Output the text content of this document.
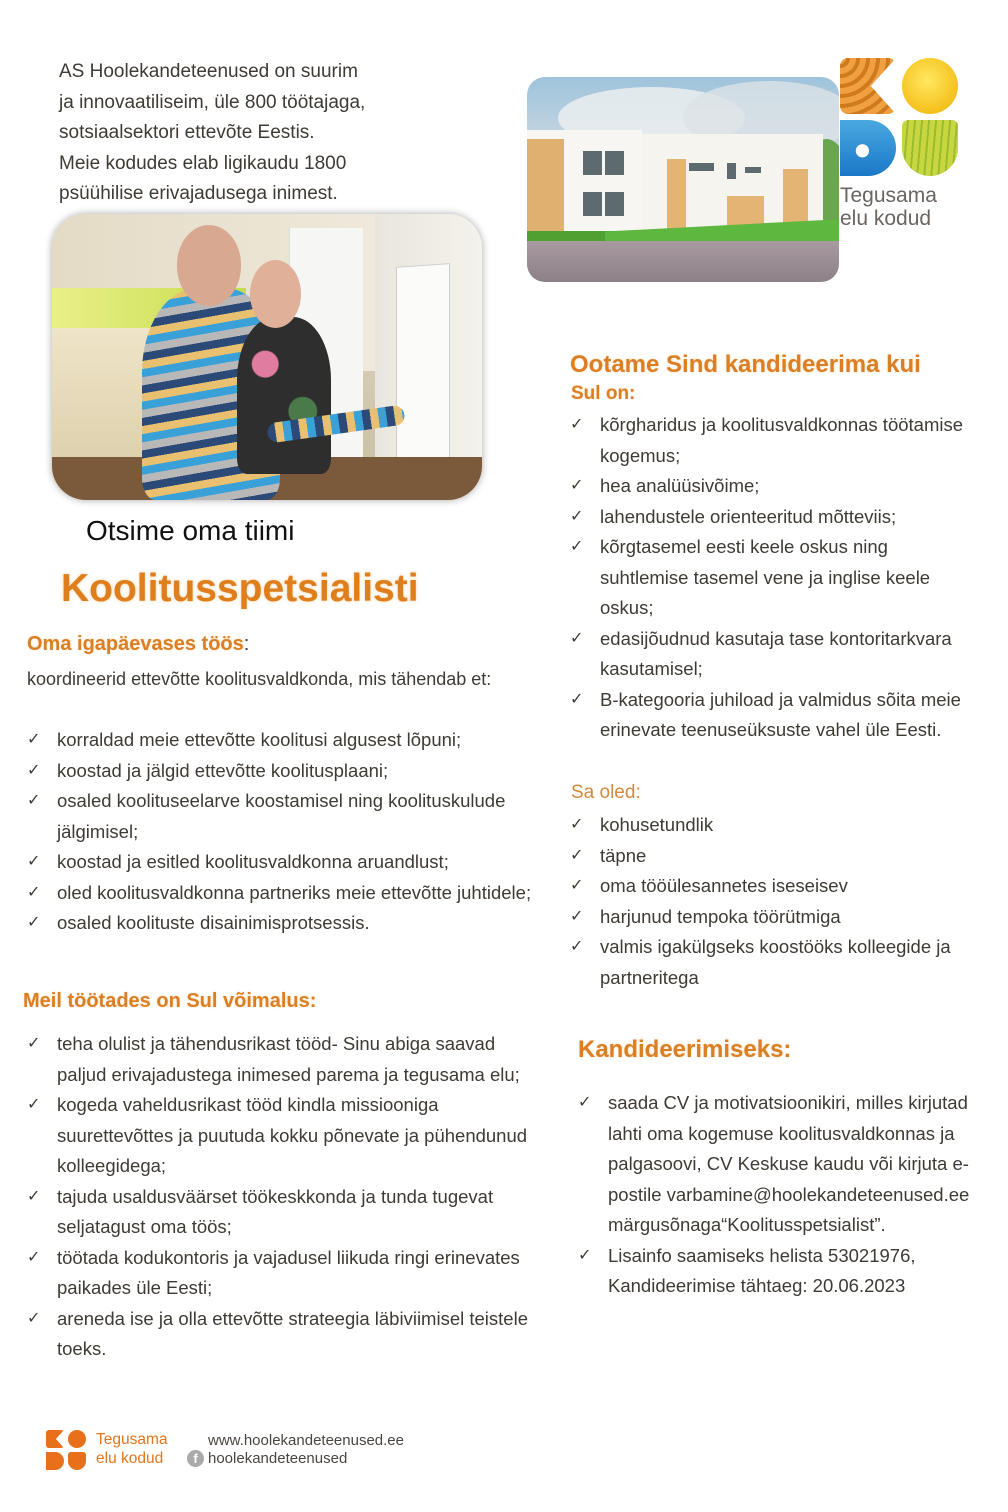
AS Hoolekandeteenused on suurim
ja innovaatiliseim, üle 800 töötajaga,
sotsiaalsektori ettevõte Eestis.
Meie kodudes elab ligikaudu 1800
psüühilise erivajadusega inimest.	Tegusama
elu kodud
Otsime oma tiimi
Koolitusspetsialisti
Oma igapäevases töös:
koordineerid ettevõtte koolitusvaldkonda, mis tähendab et:
✓ korraldad meie ettevõtte koolitusi algusest lõpuni;
✓ koostad ja jälgid ettevõtte koolitusplaani;
✓ osaled koolituseelarve koostamisel ning koolituskulude jälgimisel;
✓ koostad ja esitled koolitusvaldkonna aruandlust;
✓ oled koolitusvaldkonna partneriks meie ettevõtte juhtidele;
✓ osaled koolituste disainimisprotsessis.
Meil töötades on Sul võimalus:
✓ teha olulist ja tähendusrikast tööd- Sinu abiga saavad paljud erivajadustega inimesed parema ja tegusama elu;
✓ kogeda vaheldusrikast tööd kindla missiooniga suurettevõttes ja puutuda kokku põnevate ja pühendunud kolleegidega;
✓ tajuda usaldusväärset töökeskkonda ja tunda tugevat seljatagust oma töös;
✓ töötada kodukontoris ja vajadusel liikuda ringi erinevates paikades üle Eesti;
✓ areneda ise ja olla ettevõtte strateegia läbiviimisel teistele toeks.
Ootame Sind kandideerima kui
Sul on:
✓ kõrgharidus ja koolitusvaldkonnas töötamise kogemus;
✓ hea analüüsivõime;
✓ lahendustele orienteeritud mõtteviis;
✓ kõrgtasemel eesti keele oskus ning suhtlemise tasemel vene ja inglise keele oskus;
✓ edasijõudnud kasutaja tase kontoritarkvara kasutamisel;
✓ B-kategooria juhiload ja valmidus sõita meie erinevate teenuseüksuste vahel üle Eesti.
Sa oled:
✓ kohusetundlik
✓ täpne
✓ oma tööülesannetes iseseisev
✓ harjunud tempoka töörütmiga
✓ valmis igakülgseks koostööks kolleegide ja partneritega
Kandideerimiseks:
✓ saada CV ja motivatsioonikiri, milles kirjutad lahti oma kogemuse koolitusvaldkonnas ja palgasoovi, CV Keskuse kaudu või kirjuta e-postile varbamine@hoolekandeteenused.ee märgusõnaga“Koolitusspetsialist”.
✓ Lisainfo saamiseks helista 53021976, Kandideerimise tähtaeg: 20.06.2023
Tegusama
elu kodud	f
www.hoolekandeteenused.ee
hoolekandeteenused
